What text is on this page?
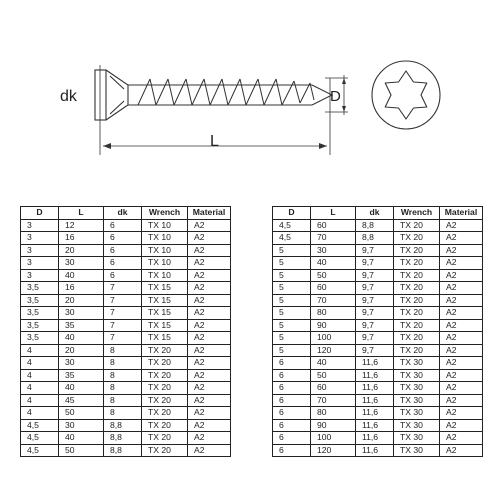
dk	D
L
D	L	dk	Wrench	Material
3	12	6	TX 10	A2
3	16	6	TX 10	A2
3	20	6	TX 10	A2
3	30	6	TX 10	A2
3	40	6	TX 10	A2
3,5	16	7	TX 15	A2
3,5	20	7	TX 15	A2
3,5	30	7	TX 15	A2
3,5	35	7	TX 15	A2
3,5	40	7	TX 15	A2
4	20	8	TX 20	A2
4	30	8	TX 20	A2
4	35	8	TX 20	A2
4	40	8	TX 20	A2
4	45	8	TX 20	A2
4	50	8	TX 20	A2
4,5	30	8,8	TX 20	A2
4,5	40	8,8	TX 20	A2
4,5	50	8,8	TX 20	A2
D	L	dk	Wrench	Material
4,5	60	8,8	TX 20	A2
4,5	70	8,8	TX 20	A2
5	30	9,7	TX 20	A2
5	40	9,7	TX 20	A2
5	50	9,7	TX 20	A2
5	60	9,7	TX 20	A2
5	70	9,7	TX 20	A2
5	80	9,7	TX 20	A2
5	90	9,7	TX 20	A2
5	100	9,7	TX 20	A2
5	120	9,7	TX 20	A2
6	40	11,6	TX 30	A2
6	50	11,6	TX 30	A2
6	60	11,6	TX 30	A2
6	70	11,6	TX 30	A2
6	80	11,6	TX 30	A2
6	90	11,6	TX 30	A2
6	100	11,6	TX 30	A2
6	120	11,6	TX 30	A2
